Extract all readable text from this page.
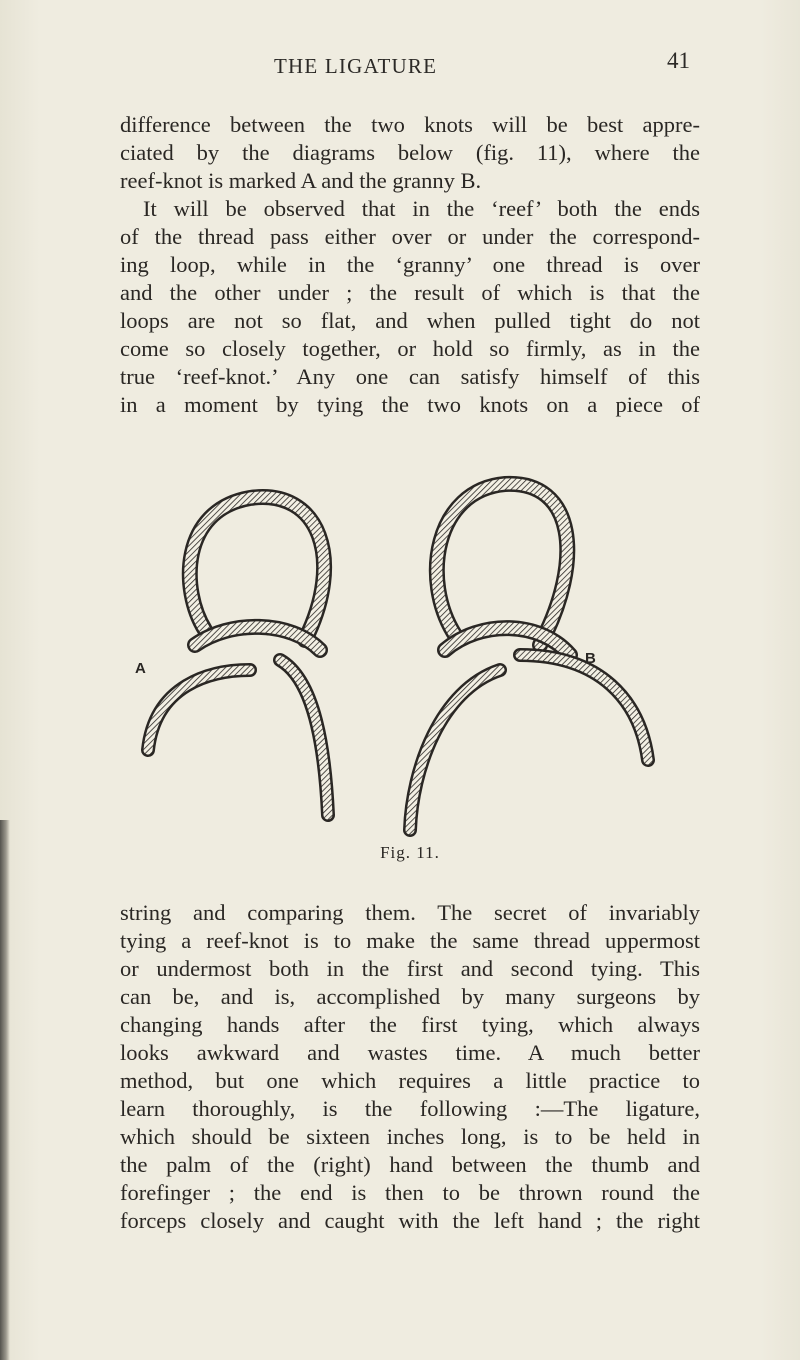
THE LIGATURE	41
difference between the two knots will be best appre-
ciated by the diagrams below (fig. 11), where the
reef-knot is marked A and the granny B.
It will be observed that in the ‘reef’ both the ends
of the thread pass either over or under the correspond-
ing loop, while in the ‘granny’ one thread is over
and the other under ; the result of which is that the
loops are not so flat, and when pulled tight do not
come so closely together, or hold so firmly, as in the
true ‘reef-knot.’ Any one can satisfy himself of this
in a moment by tying the two knots on a piece of
A
B
Fig. 11.
string and comparing them. The secret of invariably
tying a reef-knot is to make the same thread uppermost
or undermost both in the first and second tying. This
can be, and is, accomplished by many surgeons by
changing hands after the first tying, which always
looks awkward and wastes time. A much better
method, but one which requires a little practice to
learn thoroughly, is the following :—The ligature,
which should be sixteen inches long, is to be held in
the palm of the (right) hand between the thumb and
forefinger ; the end is then to be thrown round the
forceps closely and caught with the left hand ; the right
